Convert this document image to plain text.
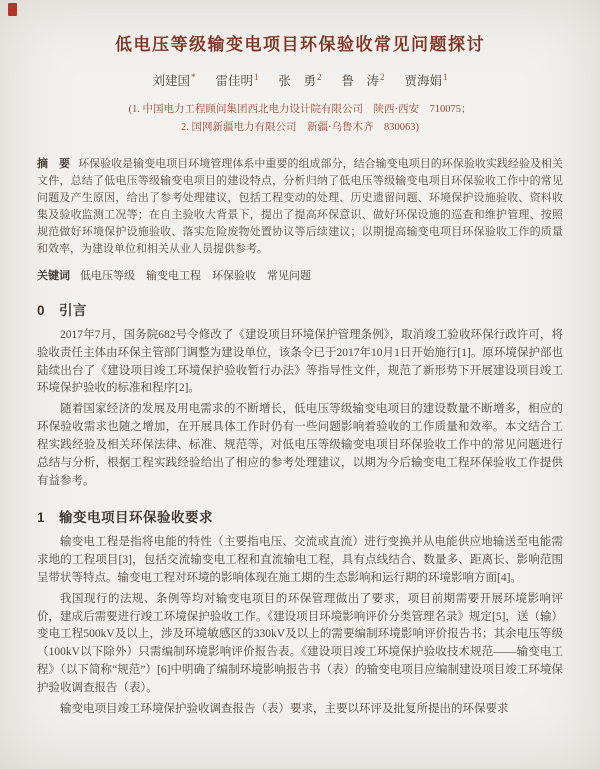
低电压等级输变电项目环保验收常见问题探讨
刘建国* 雷佳明$^1$ 张　勇$^2$ 鲁　涛$^2$ 贾海娟$^1$
(1. 中国电力工程顾问集团西北电力设计院有限公司　陕西·西安　710075；
2. 国网新疆电力有限公司　新疆·乌鲁木齐　830063)

摘　要 环保验收是输变电项目环境管理体系中重要的组成部分，结合输变电项目的环保验收实践经验及相关文件，总结了低电压等级输变电项目的建设特点，分析归纳了低电压等级输变电项目环保验收工作中的常见问题及产生原因，给出了参考处理建议，包括工程变动的处理、历史遗留问题、环境保护设施验收、资料收集及验收监测工况等；在自主验收大背景下，提出了提高环保意识、做好环保设施的巡查和维护管理、按照规范做好环境保护设施验收、落实危险废物处置协议等后续建议；以期提高输变电项目环保验收工作的质量和效率，为建设单位和相关从业人员提供参考。

关键词 低电压等级　输变电工程　环保验收　常见问题

0　引言

2017年7月，国务院682号令修改了《建设项目环境保护管理条例》，取消竣工验收环保行政许可，将验收责任主体由环保主管部门调整为建设单位，该条令已于2017年10月1日开始施行[1]。原环境保护部也陆续出台了《建设项目竣工环境保护验收暂行办法》等指导性文件，规范了新形势下开展建设项目竣工环境保护验收的标准和程序[2]。

随着国家经济的发展及用电需求的不断增长，低电压等级输变电项目的建设数量不断增多，相应的环保验收需求也随之增加，在开展具体工作时仍有一些问题影响着验收的工作质量和效率。本文结合工程实践经验及相关环保法律、标准、规范等，对低电压等级输变电项目环保验收工作中的常见问题进行总结与分析，根据工程实践经验给出了相应的参考处理建议，以期为今后输变电工程环保验收工作提供有益参考。

1　输变电项目环保验收要求

输变电工程是指将电能的特性（主要指电压、交流或直流）进行变换并从电能供应地输送至电能需求地的工程项目[3]，包括交流输变电工程和直流输电工程，具有点线结合、数量多、距离长、影响范围呈带状等特点。输变电工程对环境的影响体现在施工期的生态影响和运行期的环境影响方面[4]。

我国现行的法规、条例等均对输变电项目的环保管理做出了要求，项目前期需要开展环境影响评价，建成后需要进行竣工环境保护验收工作。《建设项目环境影响评价分类管理名录》规定[5]，送（输）变电工程500kV及以上，涉及环境敏感区的330kV及以上的需要编制环境影响评价报告书；其余电压等级（100kV以下除外）只需编制环境影响评价报告表。《建设项目竣工环境保护验收技术规范——输变电工程》（以下简称“规范”）[6]中明确了编制环境影响报告书（表）的输变电项目应编制建设项目竣工环境保护验收调查报告（表）。

输变电项目竣工环境保护验收调查报告（表）要求，主要以环评及批复所提出的环保要求
